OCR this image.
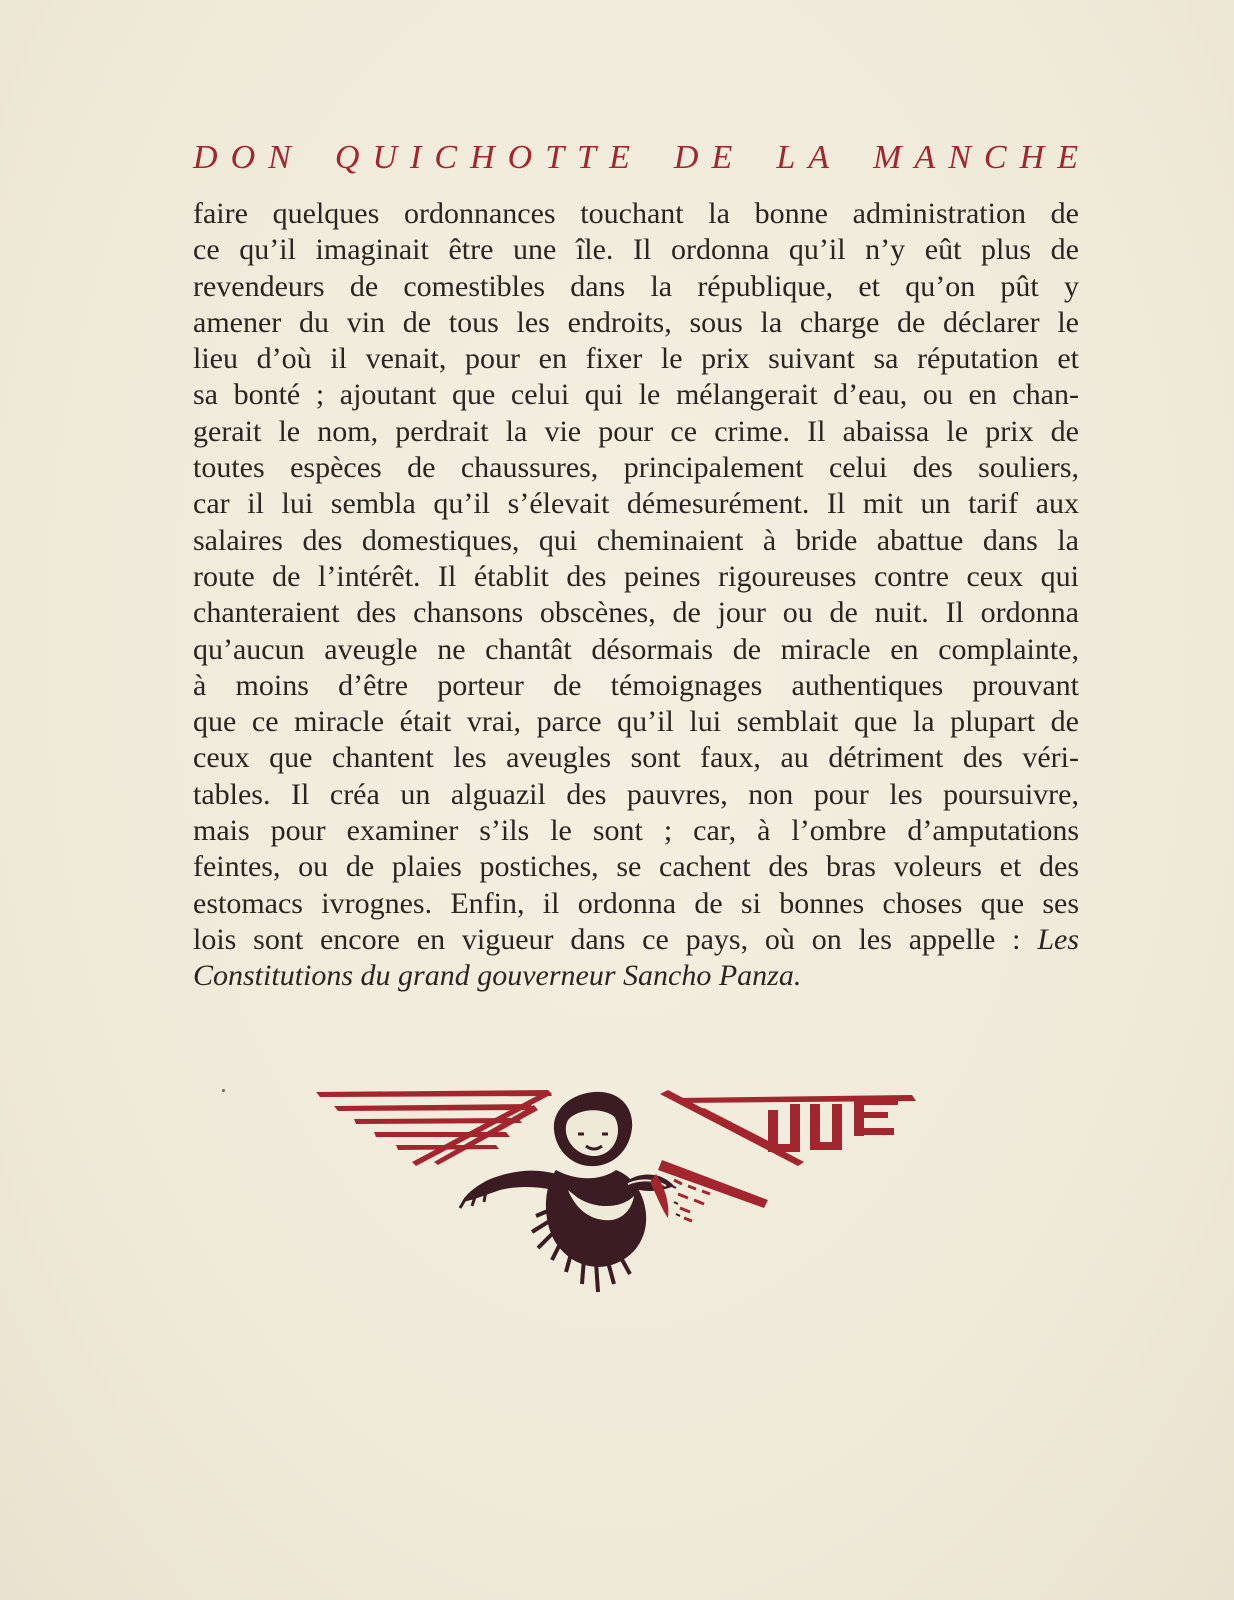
D O N Q U I C H O T T E D E L A M A N C H E
faire quelques ordonnances touchant la bonne administration de
ce qu’il imaginait être une île. Il ordonna qu’il n’y eût plus de
revendeurs de comestibles dans la république, et qu’on pût y
amener du vin de tous les endroits, sous la charge de déclarer le
lieu d’où il venait, pour en fixer le prix suivant sa réputation et
sa bonté ; ajoutant que celui qui le mélangerait d’eau, ou en chan-
gerait le nom, perdrait la vie pour ce crime. Il abaissa le prix de
toutes espèces de chaussures, principalement celui des souliers,
car il lui sembla qu’il s’élevait démesurément. Il mit un tarif aux
salaires des domestiques, qui cheminaient à bride abattue dans la
route de l’intérêt. Il établit des peines rigoureuses contre ceux qui
chanteraient des chansons obscènes, de jour ou de nuit. Il ordonna
qu’aucun aveugle ne chantât désormais de miracle en complainte,
à moins d’être porteur de témoignages authentiques prouvant
que ce miracle était vrai, parce qu’il lui semblait que la plupart de
ceux que chantent les aveugles sont faux, au détriment des véri-
tables. Il créa un alguazil des pauvres, non pour les poursuivre,
mais pour examiner s’ils le sont ; car, à l’ombre d’amputations
feintes, ou de plaies postiches, se cachent des bras voleurs et des
estomacs ivrognes. Enfin, il ordonna de si bonnes choses que ses
lois sont encore en vigueur dans ce pays, où on les appelle : Les
Constitutions du grand gouverneur Sancho Panza.
